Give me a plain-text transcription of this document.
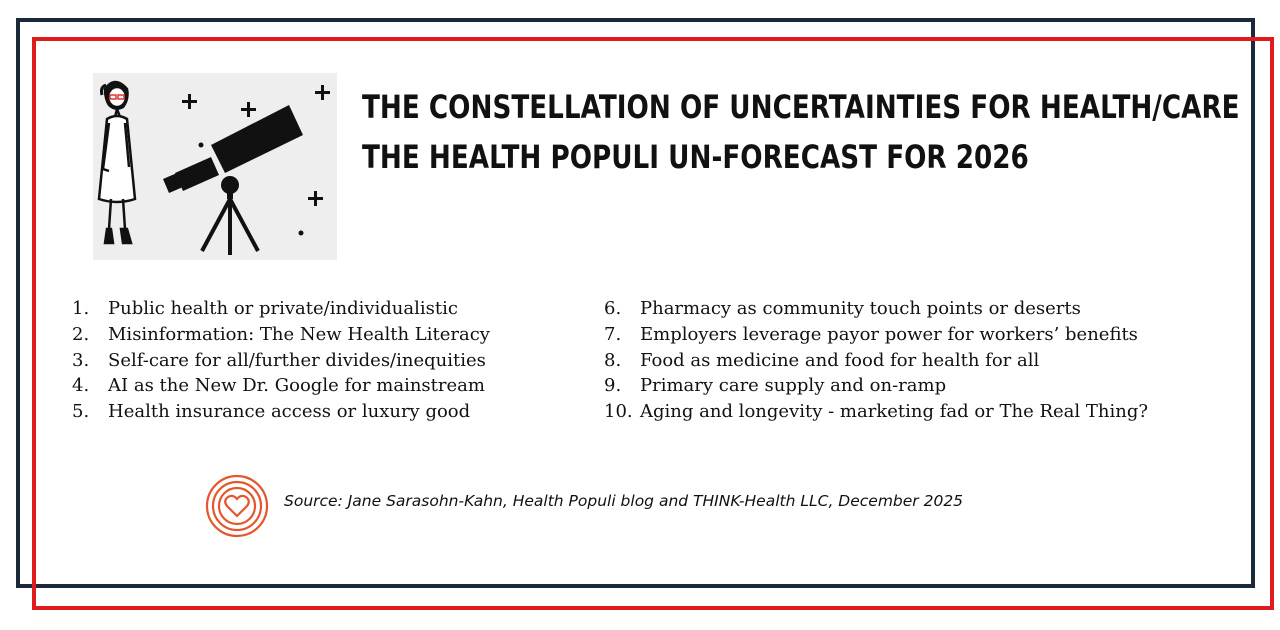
THE CONSTELLATION OF UNCERTAINTIES FOR HEALTH/CARE
THE HEALTH POPULI UN-FORECAST FOR 2026
1. Public health or private/individualistic
2. Misinformation: The New Health Literacy
3. Self-care for all/further divides/inequities
4. AI as the New Dr. Google for mainstream
5. Health insurance access or luxury good
6. Pharmacy as community touch points or deserts
7. Employers leverage payor power for workers’ benefits
8. Food as medicine and food for health for all
9. Primary care supply and on-ramp
10. Aging and longevity - marketing fad or The Real Thing?
Source: Jane Sarasohn-Kahn, Health Populi blog and THINK-Health LLC, December 2025
